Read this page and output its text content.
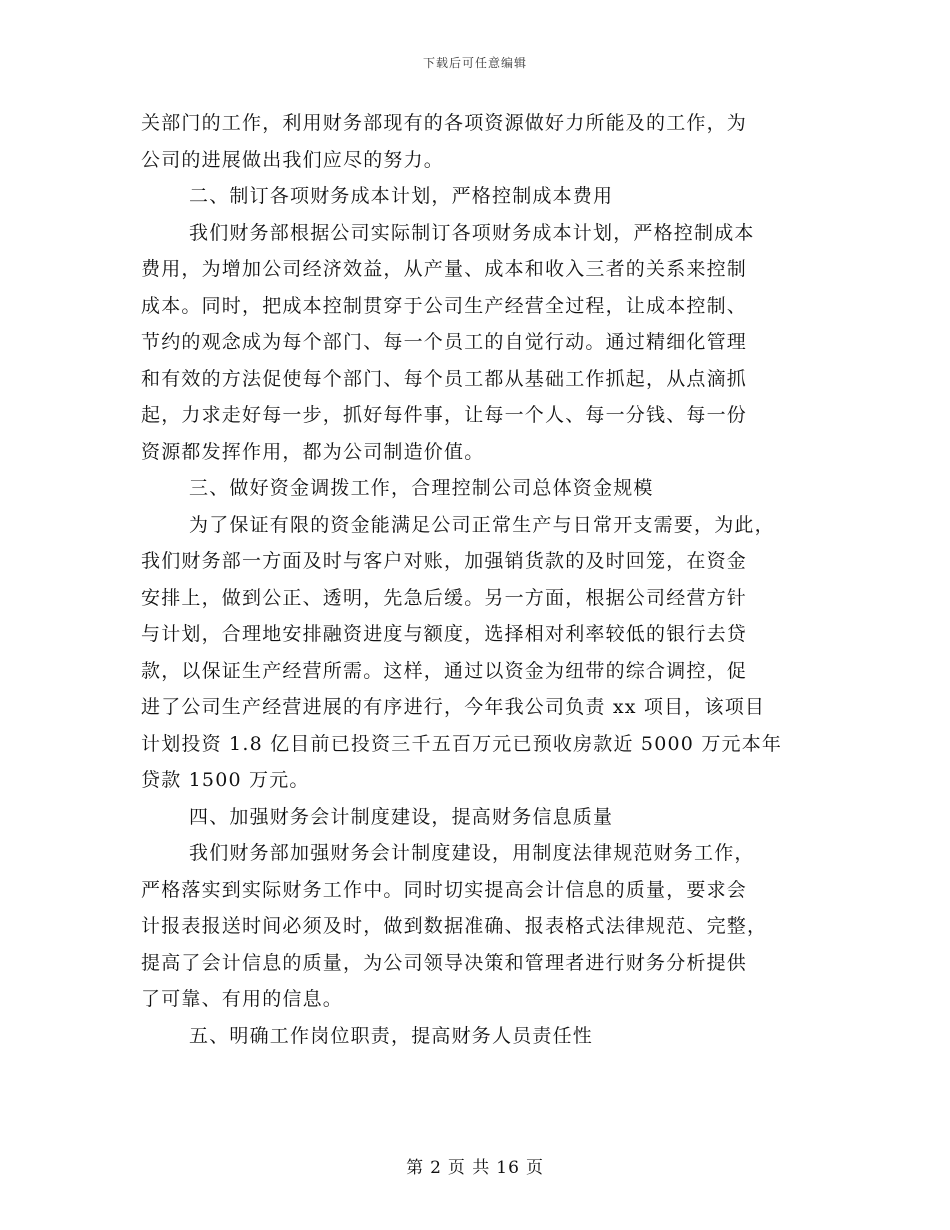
下载后可任意编辑
关部门的工作，利用财务部现有的各项资源做好力所能及的工作，为
公司的进展做出我们应尽的努力。
二、制订各项财务成本计划，严格控制成本费用
我们财务部根据公司实际制订各项财务成本计划，严格控制成本
费用，为增加公司经济效益，从产量、成本和收入三者的关系来控制
成本。同时，把成本控制贯穿于公司生产经营全过程，让成本控制、
节约的观念成为每个部门、每一个员工的自觉行动。通过精细化管理
和有效的方法促使每个部门、每个员工都从基础工作抓起，从点滴抓
起，力求走好每一步，抓好每件事，让每一个人、每一分钱、每一份
资源都发挥作用，都为公司制造价值。
三、做好资金调拨工作，合理控制公司总体资金规模
为了保证有限的资金能满足公司正常生产与日常开支需要，为此，
我们财务部一方面及时与客户对账，加强销货款的及时回笼，在资金
安排上，做到公正、透明，先急后缓。另一方面，根据公司经营方针
与计划，合理地安排融资进度与额度，选择相对利率较低的银行去贷
款，以保证生产经营所需。这样，通过以资金为纽带的综合调控，促
进了公司生产经营进展的有序进行，今年我公司负责 xx 项目，该项目
计划投资 1.8 亿目前已投资三千五百万元已预收房款近 5000 万元本年
贷款 1500 万元。
四、加强财务会计制度建设，提高财务信息质量
我们财务部加强财务会计制度建设，用制度法律规范财务工作，
严格落实到实际财务工作中。同时切实提高会计信息的质量，要求会
计报表报送时间必须及时，做到数据准确、报表格式法律规范、完整，
提高了会计信息的质量，为公司领导决策和管理者进行财务分析提供
了可靠、有用的信息。
五、明确工作岗位职责，提高财务人员责任性
第 2 页 共 16 页
